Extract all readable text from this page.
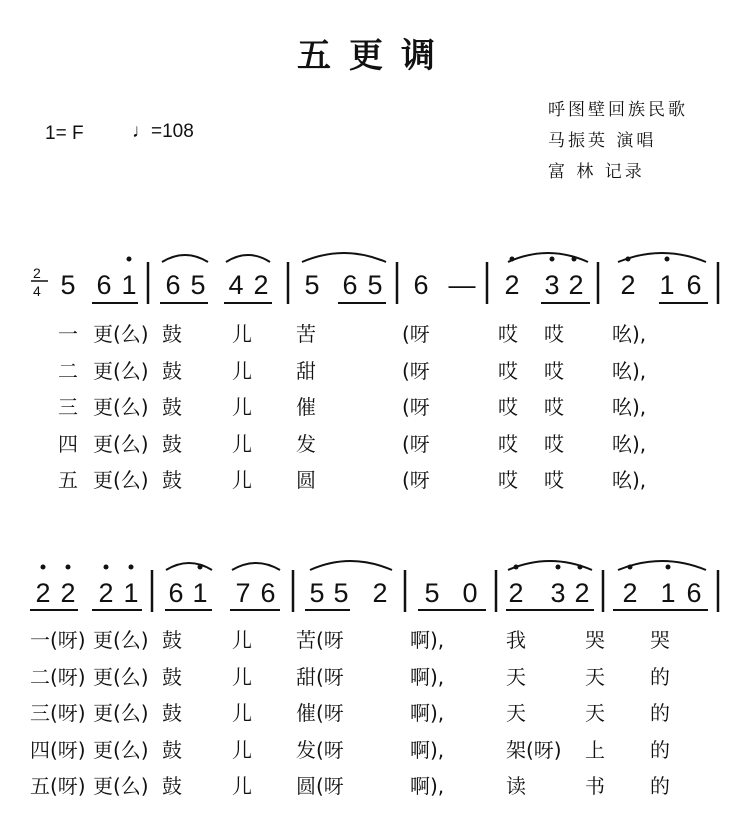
五更调
1= F	♩=108
呼图壁回族民歌
马振英 演唱
富 林 记录
2
4 5 6 1 6 5 4 2 5 6 5 6 — 2 3 2 2 1 6
一 更(么) 鼓	儿 苦	(呀	哎 哎 吆),
二 更(么) 鼓	儿 甜	(呀	哎 哎 吆),
三 更(么) 鼓	儿 催	(呀	哎 哎 吆),
四 更(么) 鼓	儿 发	(呀	哎 哎 吆),
五 更(么) 鼓	儿 圆	(呀	哎 哎 吆),
2 2 2 1 6 1 7 6 5 5 2 5 0 2 3 2 2 1 6
一(呀) 更(么) 鼓	儿 苦(呀	啊),	我	哭 哭
二(呀) 更(么) 鼓	儿 甜(呀	啊),	天	天 的
三(呀) 更(么) 鼓	儿 催(呀	啊),	天	天 的
四(呀) 更(么) 鼓	儿 发(呀	啊),	架(呀) 上 的
五(呀) 更(么) 鼓	儿 圆(呀	啊),	读	书 的
